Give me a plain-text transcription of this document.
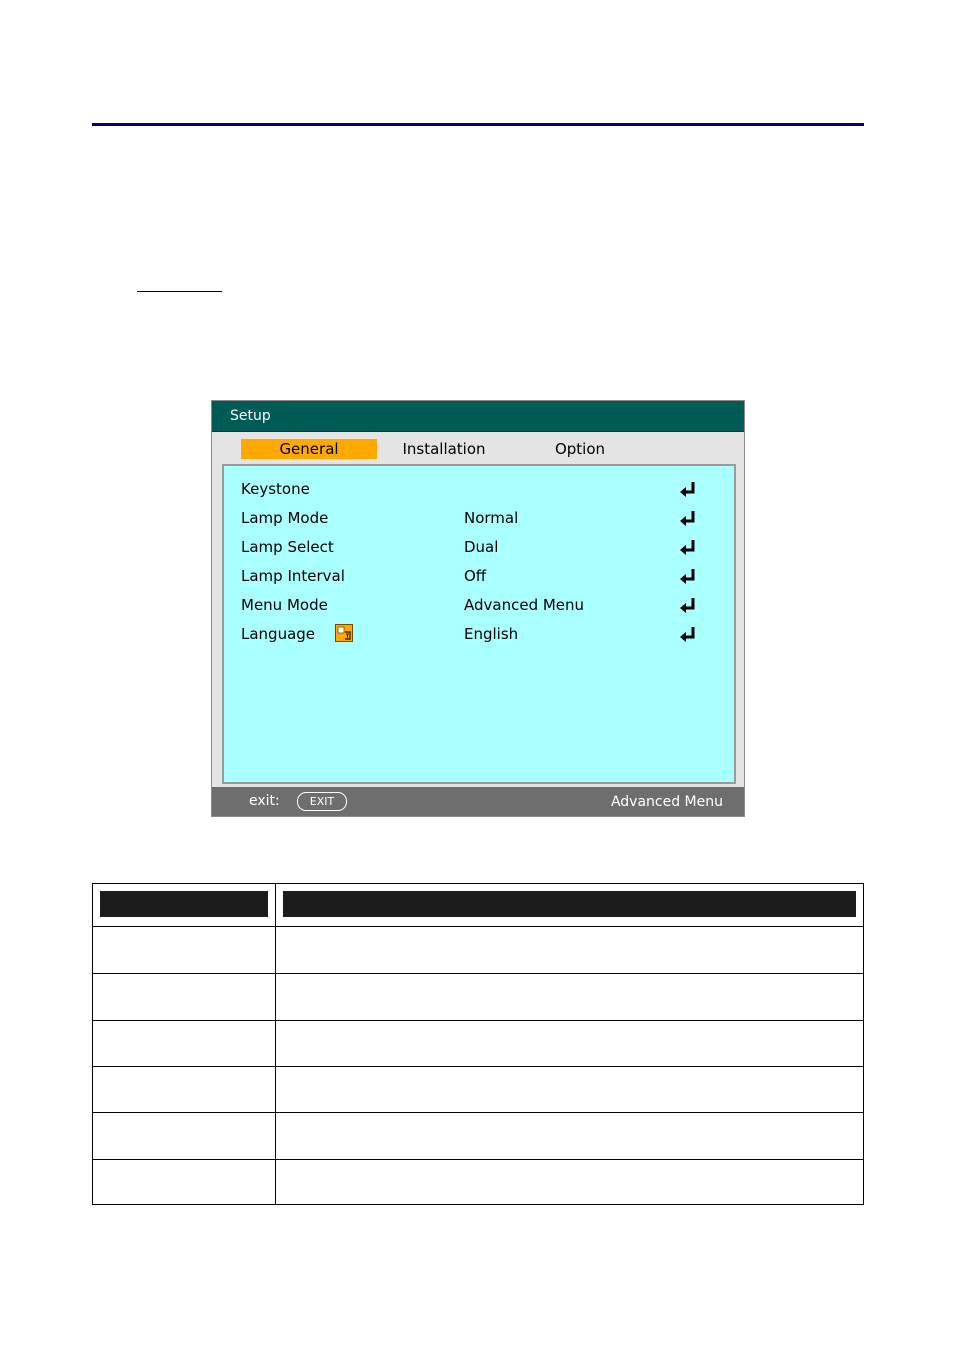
Setup
General	Installation	Option
Keystone
Lamp Mode	Normal
Lamp Select	Dual
Lamp Interval	Off
Menu Mode	Advanced Menu
Language	English
exit:	EXIT	Advanced Menu
